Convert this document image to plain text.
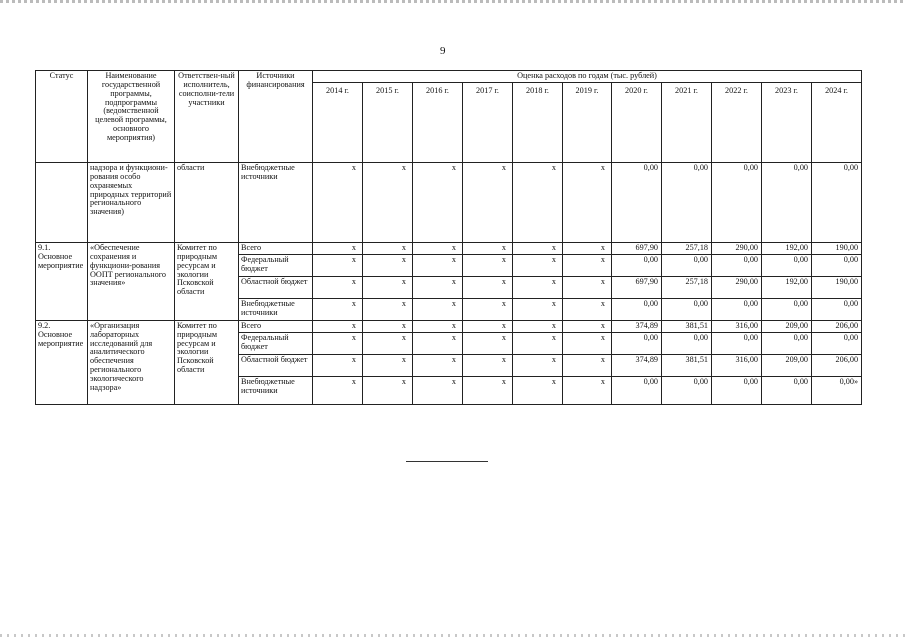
9
Статус	Наименование государственной программы, подпрограммы (ведомственной целевой программы, основного мероприятия)	Ответствен-ный исполнитель, соисполни-тели участники	Источники финансирования	Оценка расходов по годам (тыс. рублей)										
				2014 г.	2015 г.	2016 г.	2017 г.	2018 г.	2019 г.	2020 г.	2021 г.	2022 г.	2023 г.	2024 г.
	надзора и функциони-рования особо охраняемых природных территорий регионального значения)	области	Внебюджетные источники	x	x	x	x	x	x	0,00	0,00	0,00	0,00	0,00
9.1. Основное мероприятие	«Обеспечение сохранения и функциони-рования ООПТ регионального значения»	Комитет по природным ресурсам и экологии Псковской области	Всего	x	x	x	x	x	x	697,90	257,18	290,00	192,00	190,00
			Федеральный бюджет	x	x	x	x	x	x	0,00	0,00	0,00	0,00	0,00
			Областной бюджет	x	x	x	x	x	x	697,90	257,18	290,00	192,00	190,00
			Внебюджетные источники	x	x	x	x	x	x	0,00	0,00	0,00	0,00	0,00
9.2. Основное мероприятие	«Организация лабораторных исследований для аналитического обеспечения регионального экологического надзора»	Комитет по природным ресурсам и экологии Псковской области	Всего	x	x	x	x	x	x	374,89	381,51	316,00	209,00	206,00
			Федеральный бюджет	x	x	x	x	x	x	0,00	0,00	0,00	0,00	0,00
			Областной бюджет	x	x	x	x	x	x	374,89	381,51	316,00	209,00	206,00
			Внебюджетные источники	x	x	x	x	x	x	0,00	0,00	0,00	0,00	0,00»
